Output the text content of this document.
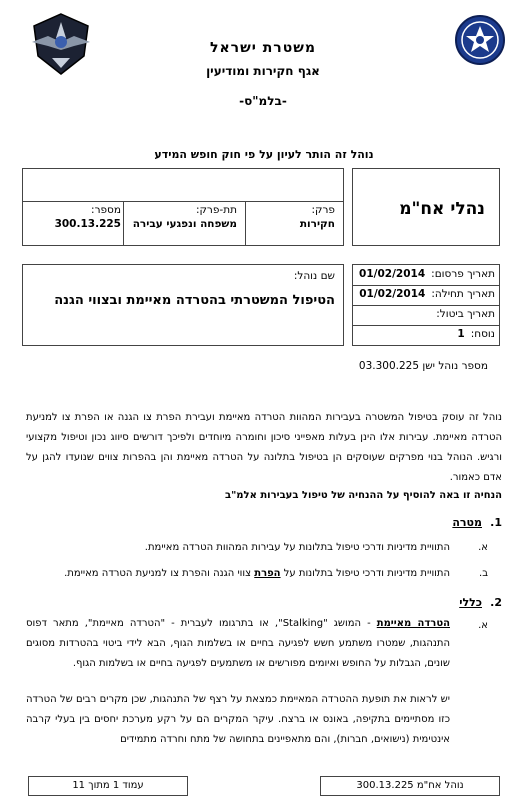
משטרת ישראל
אגף חקירות ומודיעין
-בלמ"ס-
נוהל זה הותר לעיון על פי חוק חופש המידע
נהלי אח"מ
פרק:
חקירות
תת-פרק:
משפחה ונפגעי עבירה
מספר:
300.13.225
תאריך פרסום:01/02/2014
תאריך תחילה:01/02/2014
תאריך ביטול:
נוסח:1
שם נוהל:
הטיפול המשטרתי בהטרדה מאיימת ובצווי הגנה
מספר נוהל ישן 03.300.225
נוהל זה עוסק בטיפול המשטרה בעבירות המהוות הטרדה מאיימת ועבירת הפרת צו הגנה או הפרת צו למניעת הטרדה מאיימת. עבירות אלו הינן בעלות מאפייני סיכון וחומרה מיוחדים ולפיכך דורשים סיווג נכון וטיפול מקצועי ורגיש. הנוהל בנוי מפרקים שעוסקים הן בטיפול בתלונה על הטרדה מאיימת והן בהפרות צווים שנועדו להגן על אדם כאמור.
הנחיה זו באה להוסיף על ההנחיה של טיפול בעבירות אלמ"ב
1.
מטרה
א.
התוויית מדיניות ודרכי טיפול בתלונות על עבירות המהוות הטרדה מאיימת.
ב.
התוויית מדיניות ודרכי טיפול בתלונות על הפרת צווי הגנה והפרת צו למניעת הטרדה מאיימת.
2.
כללי
א.
הטרדה מאיימת - המושג "Stalking", או בתרגומו לעברית - "הטרדה מאיימת", מתאר דפוס התנהגות, שמטרו משתמע חשש לפגיעה בחיים או בשלמות הגוף, הבא לידי ביטוי בהטרדות מסוגים שונים, הגבלות על החופש ואיומים מפורשים או משתמעים לפגיעה בחיים או בשלמות הגוף.
יש לראות את תופעת ההטרדה המאיימת כמצאת על רצף של התנהגות, שכן מקרים רבים של הטרדה כזו מסתיימים בתקיפה, באונס או ברצח. עיקר המקרים הם על רקע מערכת יחסים בין בעלי קרבה אינטימית (נישואים, חברות), והם מתאפיינים בתחושה של מתח וחרדה מתמידים
נוהל אח"מ 300.13.225
עמוד 1 מתוך 11
